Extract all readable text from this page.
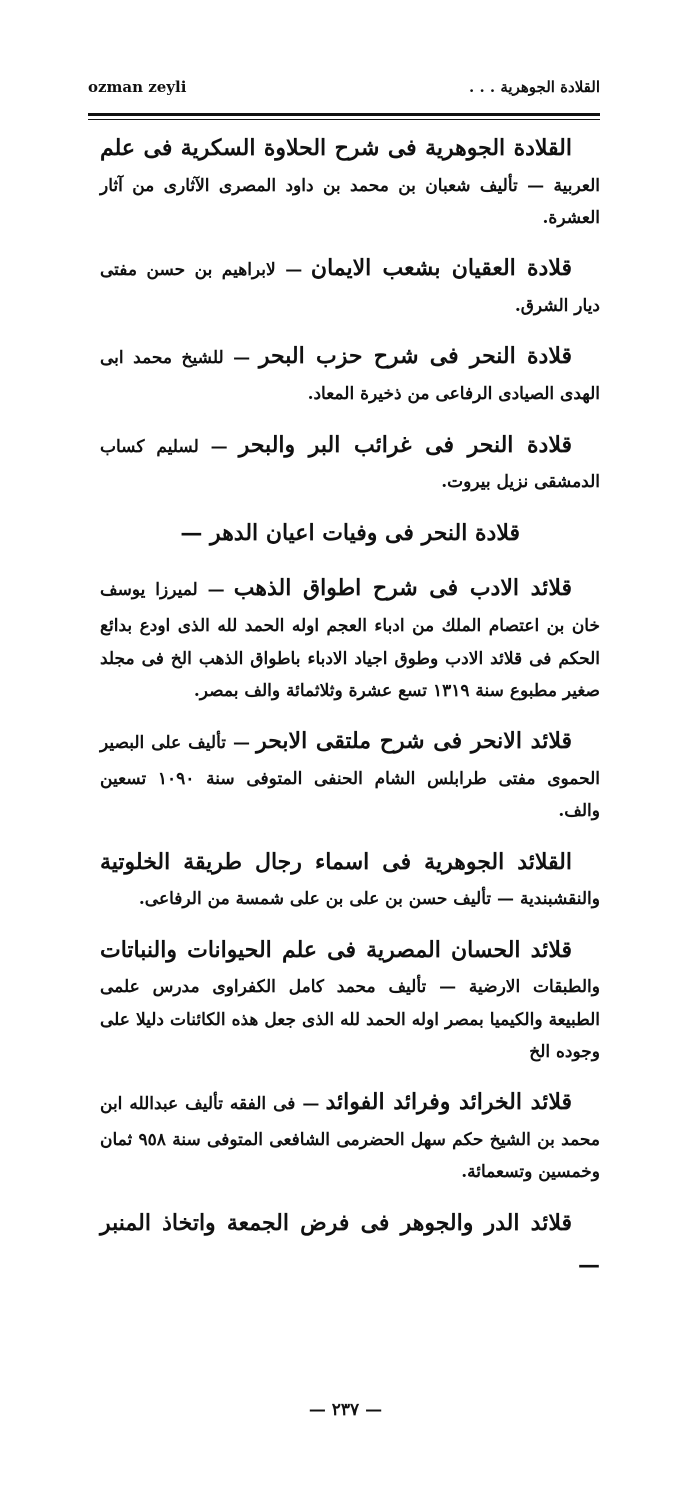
ozman zeyli	القلادة الجوهرية . . .

القلادة الجوهرية فى شرح الحلاوة السكرية فى علم العربية — تأليف شعبان بن محمد بن داود المصرى الآثارى من آثار العشرة.

قلادة العقيان بشعب الايمان — لابراهيم بن حسن مفتى ديار الشرق.

قلادة النحر فى شرح حزب البحر — للشيخ محمد ابى الهدى الصيادى الرفاعى من ذخيرة المعاد.

قلادة النحر فى غرائب البر والبحر — لسليم كساب الدمشقى نزيل بيروت.

قلادة النحر فى وفيات اعيان الدهر —

قلائد الادب فى شرح اطواق الذهب — لميرزا يوسف خان بن اعتصام الملك من ادباء العجم اوله الحمد لله الذى اودع بدائع الحكم فى قلائد الادب وطوق اجياد الادباء باطواق الذهب الخ فى مجلد صغير مطبوع سنة ١٣١٩ تسع عشرة وثلاثمائة والف بمصر.

قلائد الانحر فى شرح ملتقى الابحر — تأليف على البصير الحموى مفتى طرابلس الشام الحنفى المتوفى سنة ١٠٩٠ تسعين والف.

القلائد الجوهرية فى اسماء رجال طريقة الخلوتية والنقشبندية — تأليف حسن بن على بن على شمسة من الرفاعى.

قلائد الحسان المصرية فى علم الحيوانات والنباتات والطبقات الارضية — تأليف محمد كامل الكفراوى مدرس علمى الطبيعة والكيميا بمصر اوله الحمد لله الذى جعل هذه الكائنات دليلا على وجوده الخ

قلائد الخرائد وفرائد الفوائد — فى الفقه تأليف عبدالله ابن محمد بن الشيخ حكم سهل الحضرمى الشافعى المتوفى سنة ٩٥٨ ثمان وخمسين وتسعمائة.

قلائد الدر والجوهر فى فرض الجمعة واتخاذ المنبر —

— ٢٣٧ —
